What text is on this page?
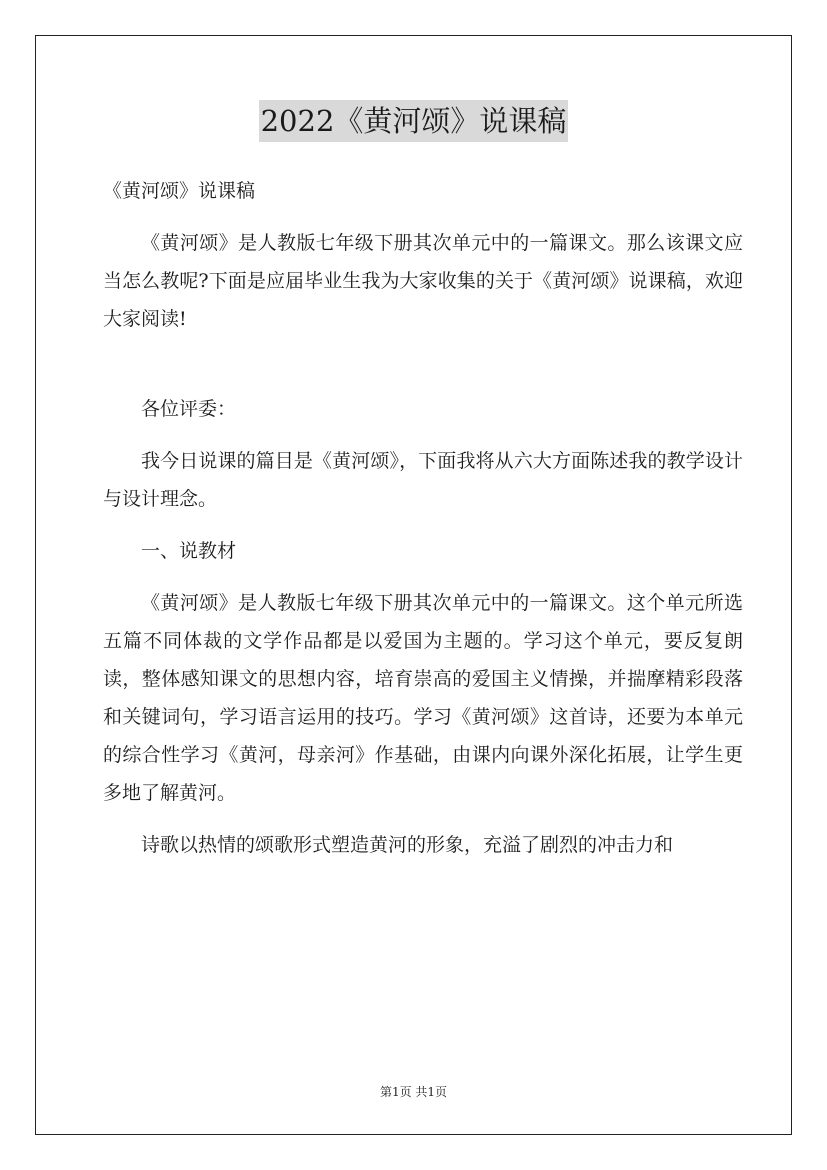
2022《黄河颂》说课稿

《黄河颂》说课稿

《黄河颂》是人教版七年级下册其次单元中的一篇课文。那么该课文应当怎么教呢?下面是应届毕业生我为大家收集的关于《黄河颂》说课稿，欢迎大家阅读!

各位评委：

我今日说课的篇目是《黄河颂》，下面我将从六大方面陈述我的教学设计与设计理念。

一、说教材

《黄河颂》是人教版七年级下册其次单元中的一篇课文。这个单元所选五篇不同体裁的文学作品都是以爱国为主题的。学习这个单元，要反复朗读，整体感知课文的思想内容，培育崇高的爱国主义情操，并揣摩精彩段落和关键词句，学习语言运用的技巧。学习《黄河颂》这首诗，还要为本单元的综合性学习《黄河，母亲河》作基础，由课内向课外深化拓展，让学生更多地了解黄河。

诗歌以热情的颂歌形式塑造黄河的形象，充溢了剧烈的冲击力和

第1页 共1页
